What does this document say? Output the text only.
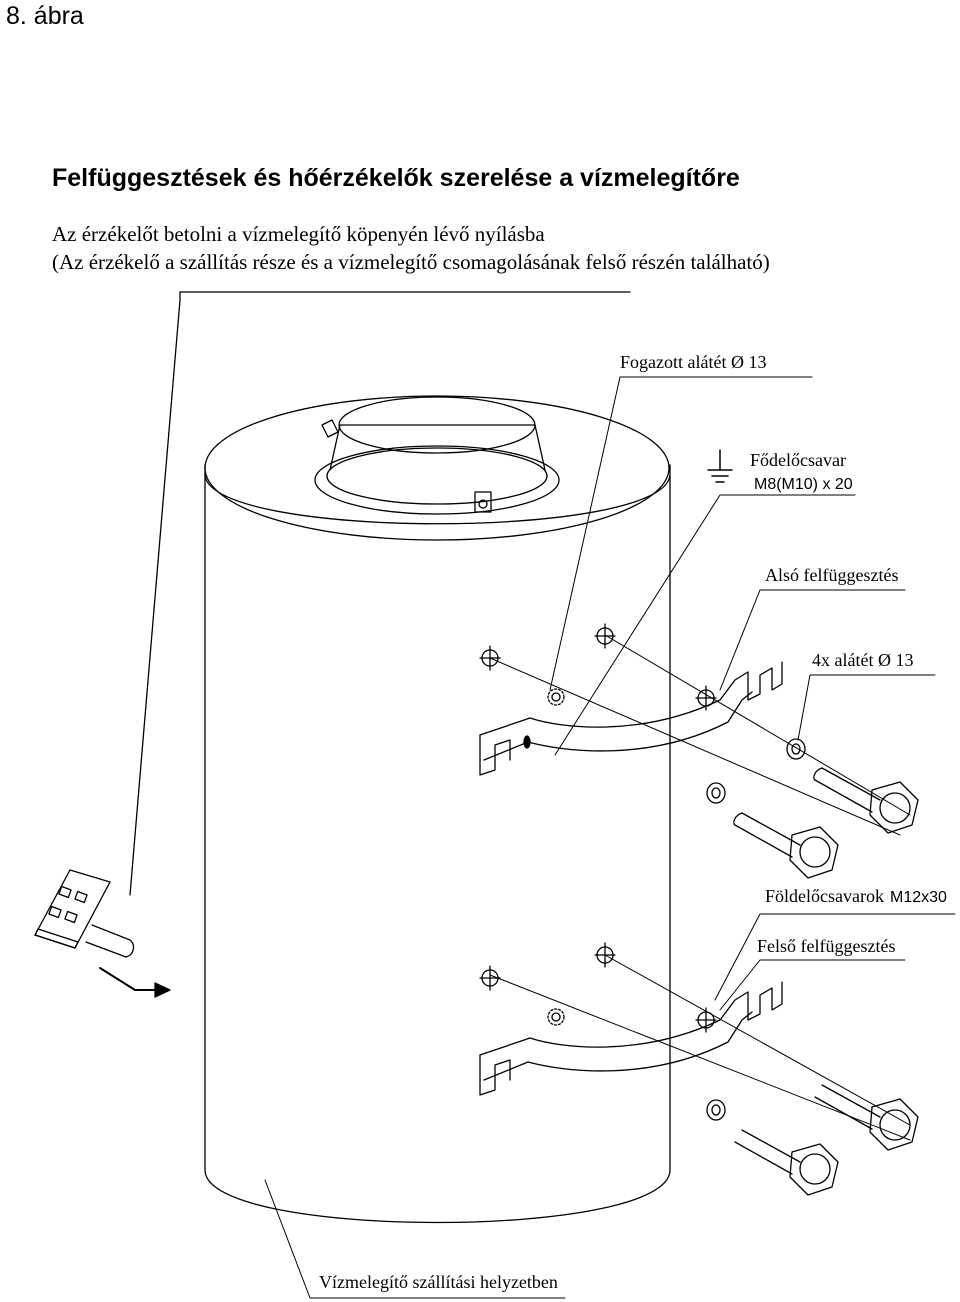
8. ábra
Felfüggesztések és hőérzékelők szerelése a vízmelegítőre
Az érzékelőt betolni a vízmelegítő köpenyén lévő nyílásba
(Az érzékelő a szállítás része és a vízmelegítő csomagolásának felső részén található)
Fogazott alátét Ø 13
Fődelőcsavar
M8(M10) x 20
Alsó felfüggesztés
4x alátét Ø 13
Földelőcsavarok M12x30
Felső felfüggesztés
Vízmelegítő szállítási helyzetben
